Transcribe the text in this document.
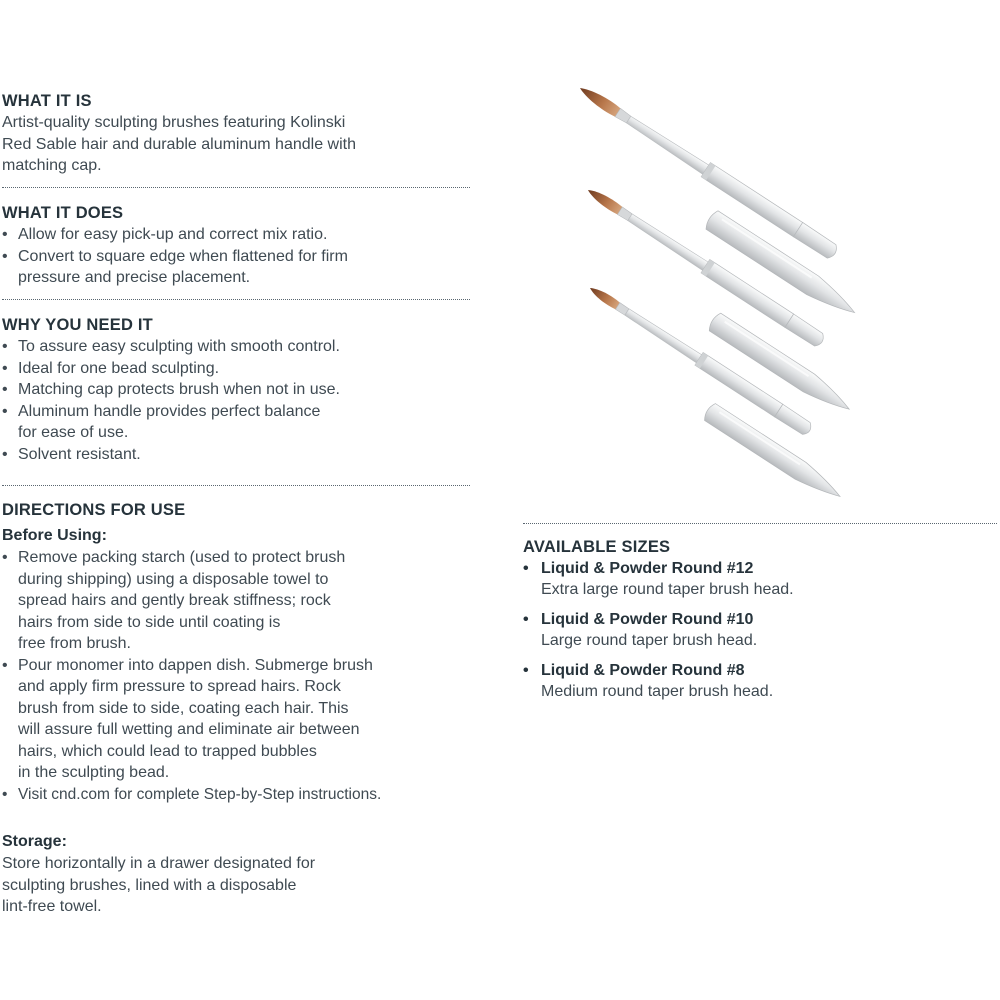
WHAT IT IS
Artist-quality sculpting brushes featuring Kolinski
Red Sable hair and durable aluminum handle with
matching cap.
WHAT IT DOES
• Allow for easy pick-up and correct mix ratio.
• Convert to square edge when flattened for firm
pressure and precise placement.
WHY YOU NEED IT
• To assure easy sculpting with smooth control.
• Ideal for one bead sculpting.
• Matching cap protects brush when not in use.
• Aluminum handle provides perfect balance
for ease of use.
• Solvent resistant.
DIRECTIONS FOR USE
Before Using:
• Remove packing starch (used to protect brush
during shipping) using a disposable towel to
spread hairs and gently break stiffness; rock
hairs from side to side until coating is
free from brush.
• Pour monomer into dappen dish. Submerge brush
and apply firm pressure to spread hairs. Rock
brush from side to side, coating each hair. This
will assure full wetting and eliminate air between
hairs, which could lead to trapped bubbles
in the sculpting bead.
• Visit cnd.com for complete Step-by-Step instructions.
Storage:
Store horizontally in a drawer designated for
sculpting brushes, lined with a disposable
lint-free towel.
AVAILABLE SIZES
• Liquid & Powder Round #12
Extra large round taper brush head.
• Liquid & Powder Round #10
Large round taper brush head.
• Liquid & Powder Round #8
Medium round taper brush head.
